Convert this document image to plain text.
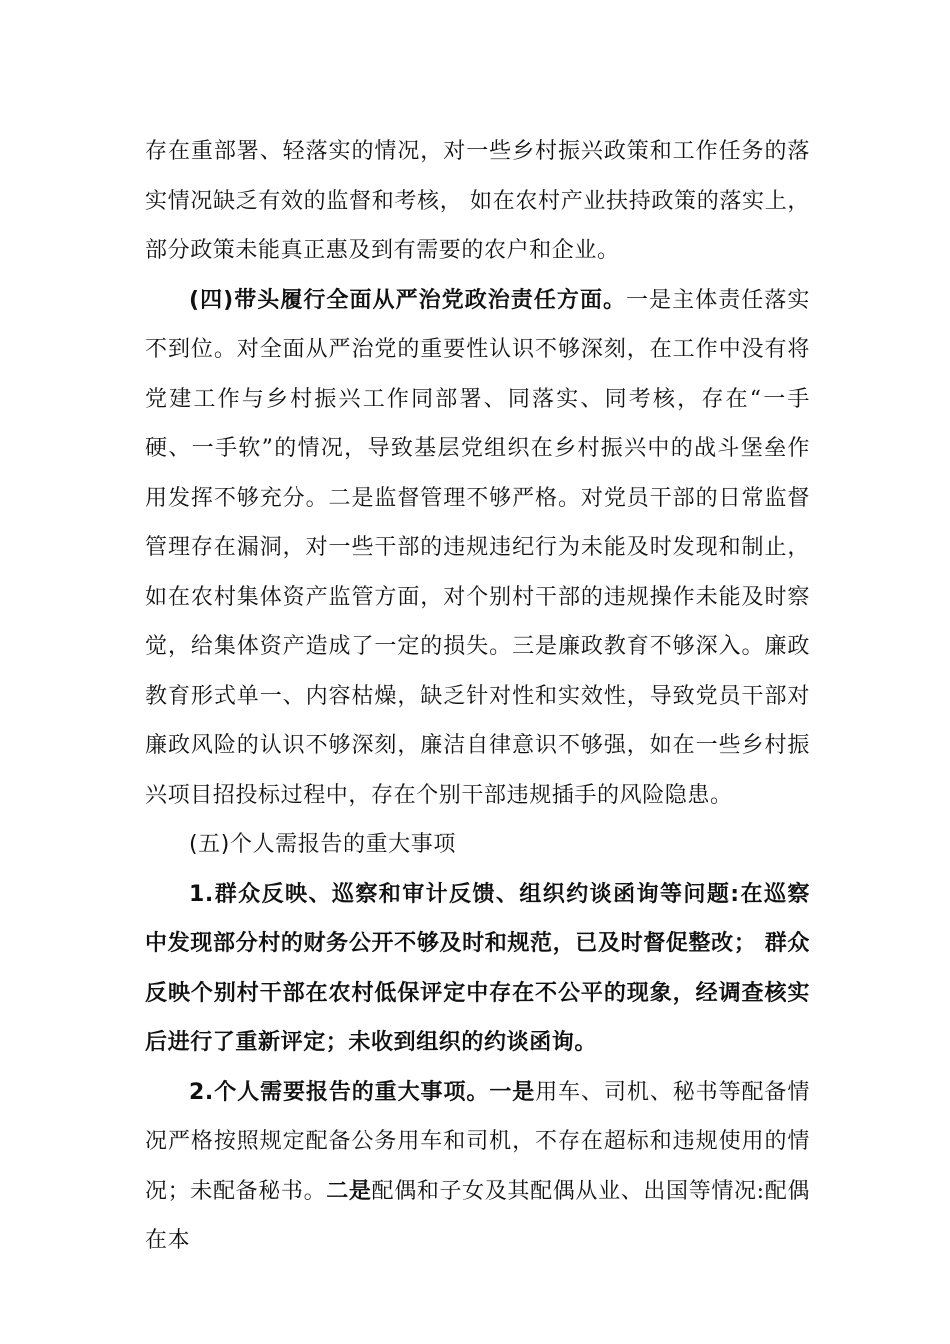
存在重部署、轻落实的情况，对一些乡村振兴政策和工作任务的落实情况缺乏有效的监督和考核， 如在农村产业扶持政策的落实上，部分政策未能真正惠及到有需要的农户和企业。

(四)带头履行全面从严治党政治责任方面。一是主体责任落实不到位。对全面从严治党的重要性认识不够深刻，在工作中没有将党建工作与乡村振兴工作同部署、同落实、同考核，存在“一手硬、一手软”的情况，导致基层党组织在乡村振兴中的战斗堡垒作用发挥不够充分。二是监督管理不够严格。对党员干部的日常监督管理存在漏洞，对一些干部的违规违纪行为未能及时发现和制止，如在农村集体资产监管方面，对个别村干部的违规操作未能及时察觉，给集体资产造成了一定的损失。三是廉政教育不够深入。廉政教育形式单一、内容枯燥，缺乏针对性和实效性，导致党员干部对廉政风险的认识不够深刻，廉洁自律意识不够强，如在一些乡村振兴项目招投标过程中，存在个别干部违规插手的风险隐患。

(五)个人需报告的重大事项

1.群众反映、巡察和审计反馈、组织约谈函询等问题:在巡察中发现部分村的财务公开不够及时和规范，已及时督促整改； 群众反映个别村干部在农村低保评定中存在不公平的现象，经调查核实后进行了重新评定；未收到组织的约谈函询。

2.个人需要报告的重大事项。一是用车、司机、秘书等配备情况严格按照规定配备公务用车和司机，不存在超标和违规使用的情况；未配备秘书。二是配偶和子女及其配偶从业、出国等情况:配偶在本
